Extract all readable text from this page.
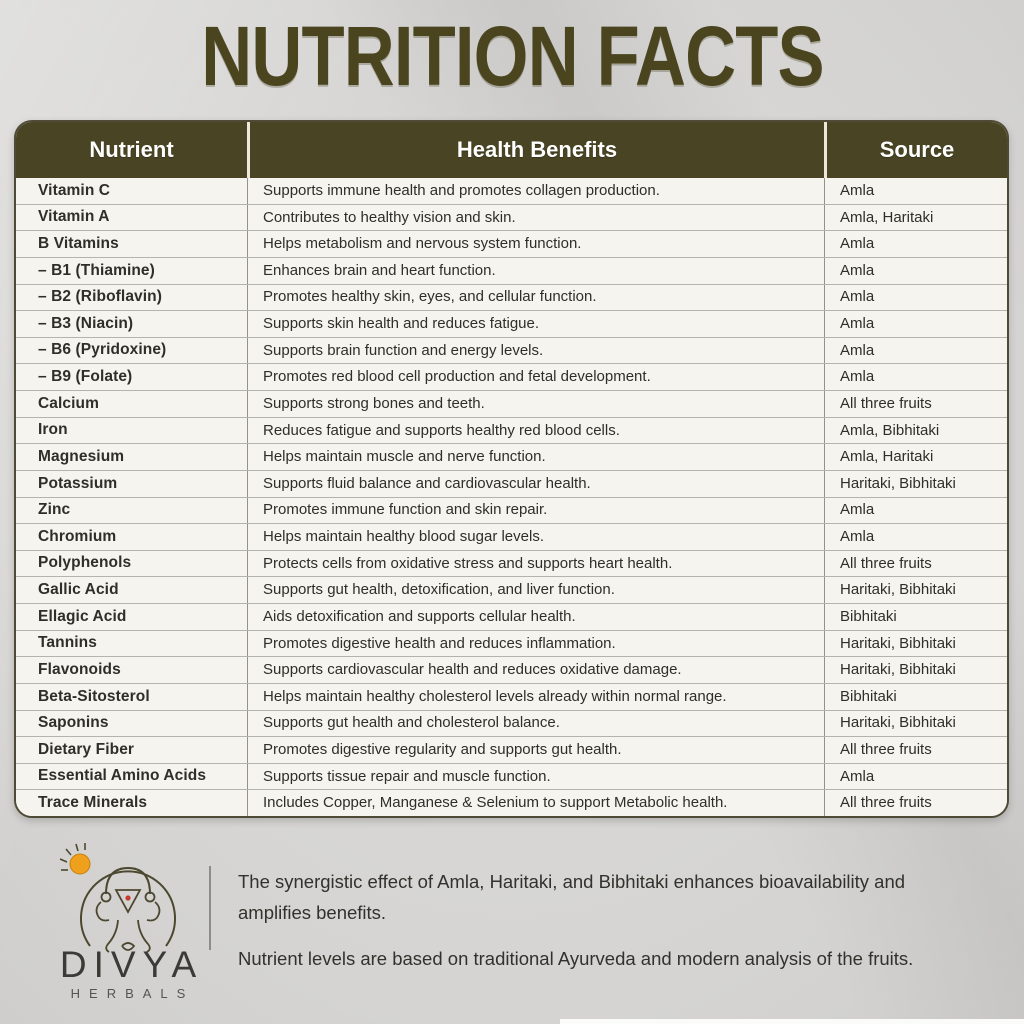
NUTRITION FACTS
Nutrient	Health Benefits	Source
Vitamin C	Supports immune health and promotes collagen production.	Amla
Vitamin A	Contributes to healthy vision and skin.	Amla, Haritaki
B Vitamins	Helps metabolism and nervous system function.	Amla
– B1 (Thiamine)	Enhances brain and heart function.	Amla
– B2 (Riboflavin)	Promotes healthy skin, eyes, and cellular function.	Amla
– B3 (Niacin)	Supports skin health and reduces fatigue.	Amla
– B6 (Pyridoxine)	Supports brain function and energy levels.	Amla
– B9 (Folate)	Promotes red blood cell production and fetal development.	Amla
Calcium	Supports strong bones and teeth.	All three fruits
Iron	Reduces fatigue and supports healthy red blood cells.	Amla, Bibhitaki
Magnesium	Helps maintain muscle and nerve function.	Amla, Haritaki
Potassium	Supports fluid balance and cardiovascular health.	Haritaki, Bibhitaki
Zinc	Promotes immune function and skin repair.	Amla
Chromium	Helps maintain healthy blood sugar levels.	Amla
Polyphenols	Protects cells from oxidative stress and supports heart health.	All three fruits
Gallic Acid	Supports gut health, detoxification, and liver function.	Haritaki, Bibhitaki
Ellagic Acid	Aids detoxification and supports cellular health.	Bibhitaki
Tannins	Promotes digestive health and reduces inflammation.	Haritaki, Bibhitaki
Flavonoids	Supports cardiovascular health and reduces oxidative damage.	Haritaki, Bibhitaki
Beta-Sitosterol	Helps maintain healthy cholesterol levels already within normal range.	Bibhitaki
Saponins	Supports gut health and cholesterol balance.	Haritaki, Bibhitaki
Dietary Fiber	Promotes digestive regularity and supports gut health.	All three fruits
Essential Amino Acids	Supports tissue repair and muscle function.	Amla
Trace Minerals	Includes Copper, Manganese & Selenium to support Metabolic health.	All three fruits
DIVYA
HERBALS

The synergistic effect of Amla, Haritaki, and Bibhitaki enhances bioavailability and amplifies benefits.

Nutrient levels are based on traditional Ayurveda and modern analysis of the fruits.
